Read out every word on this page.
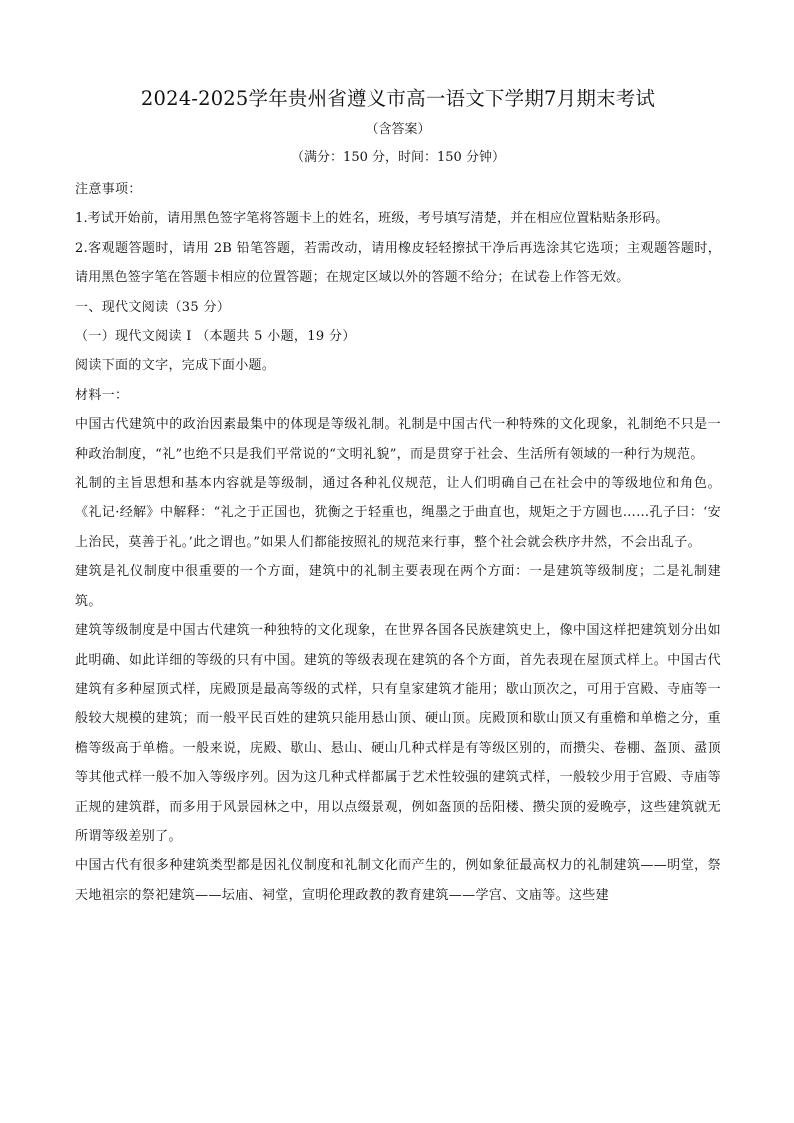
2024-2025学年贵州省遵义市高一语文下学期7月期末考试
（含答案）
（满分：150 分，时间：150 分钟）

注意事项：

1.考试开始前，请用黑色签字笔将答题卡上的姓名，班级，考号填写清楚，并在相应位置粘贴条形码。

2.客观题答题时，请用 2B 铅笔答题，若需改动，请用橡皮轻轻擦拭干净后再选涂其它选项；主观题答题时，请用黑色签字笔在答题卡相应的位置答题；在规定区域以外的答题不给分；在试卷上作答无效。

一、现代文阅读（35 分）

（一）现代文阅读 I （本题共 5 小题，19 分）

阅读下面的文字，完成下面小题。

材料一：

中国古代建筑中的政治因素最集中的体现是等级礼制。礼制是中国古代一种特殊的文化现象，礼制绝不只是一种政治制度，“礼”也绝不只是我们平常说的“文明礼貌”，而是贯穿于社会、生活所有领域的一种行为规范。

礼制的主旨思想和基本内容就是等级制，通过各种礼仪规范，让人们明确自己在社会中的等级地位和角色。《礼记·经解》中解释：“礼之于正国也，犹衡之于轻重也，绳墨之于曲直也，规矩之于方圆也……孔子曰：‘安上治民，莫善于礼。’此之谓也。”如果人们都能按照礼的规范来行事，整个社会就会秩序井然，不会出乱子。

建筑是礼仪制度中很重要的一个方面，建筑中的礼制主要表现在两个方面：一是建筑等级制度；二是礼制建筑。

建筑等级制度是中国古代建筑一种独特的文化现象，在世界各国各民族建筑史上，像中国这样把建筑划分出如此明确、如此详细的等级的只有中国。建筑的等级表现在建筑的各个方面，首先表现在屋顶式样上。中国古代建筑有多种屋顶式样，庑殿顶是最高等级的式样，只有皇家建筑才能用；歇山顶次之，可用于宫殿、寺庙等一般较大规模的建筑；而一般平民百姓的建筑只能用悬山顶、硬山顶。庑殿顶和歇山顶又有重檐和单檐之分，重檐等级高于单檐。一般来说，庑殿、歇山、悬山、硬山几种式样是有等级区别的，而攒尖、卷棚、盔顶、盝顶等其他式样一般不加入等级序列。因为这几种式样都属于艺术性较强的建筑式样，一般较少用于宫殿、寺庙等正规的建筑群，而多用于风景园林之中，用以点缀景观，例如盔顶的岳阳楼、攒尖顶的爱晚亭，这些建筑就无所谓等级差别了。

中国古代有很多种建筑类型都是因礼仪制度和礼制文化而产生的，例如象征最高权力的礼制建筑——明堂，祭天地祖宗的祭祀建筑——坛庙、祠堂，宣明伦理政教的教育建筑——学宫、文庙等。这些建
